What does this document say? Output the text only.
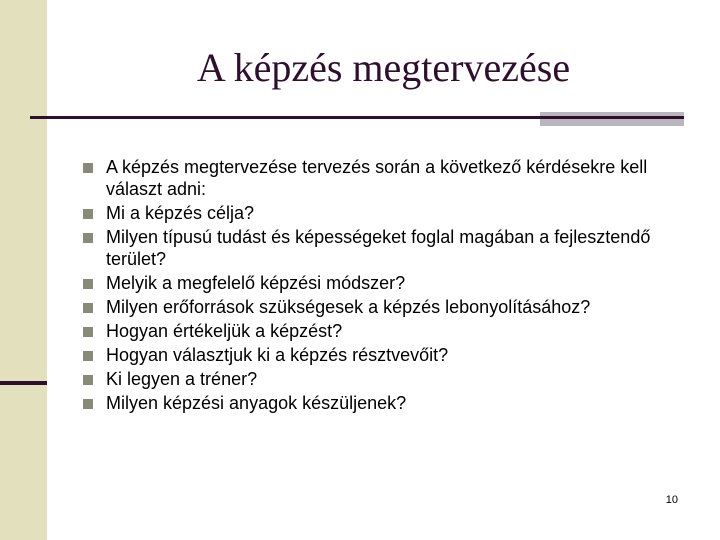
A képzés megtervezése
A képzés megtervezése tervezés során a következő kérdésekre kell választ adni:
Mi a képzés célja?
Milyen típusú tudást és képességeket foglal magában a fejlesztendő terület?
Melyik a megfelelő képzési módszer?
Milyen erőforrások szükségesek a képzés lebonyolításához?
Hogyan értékeljük a képzést?
Hogyan választjuk ki a képzés résztvevőit?
Ki legyen a tréner?
Milyen képzési anyagok készüljenek?
10
